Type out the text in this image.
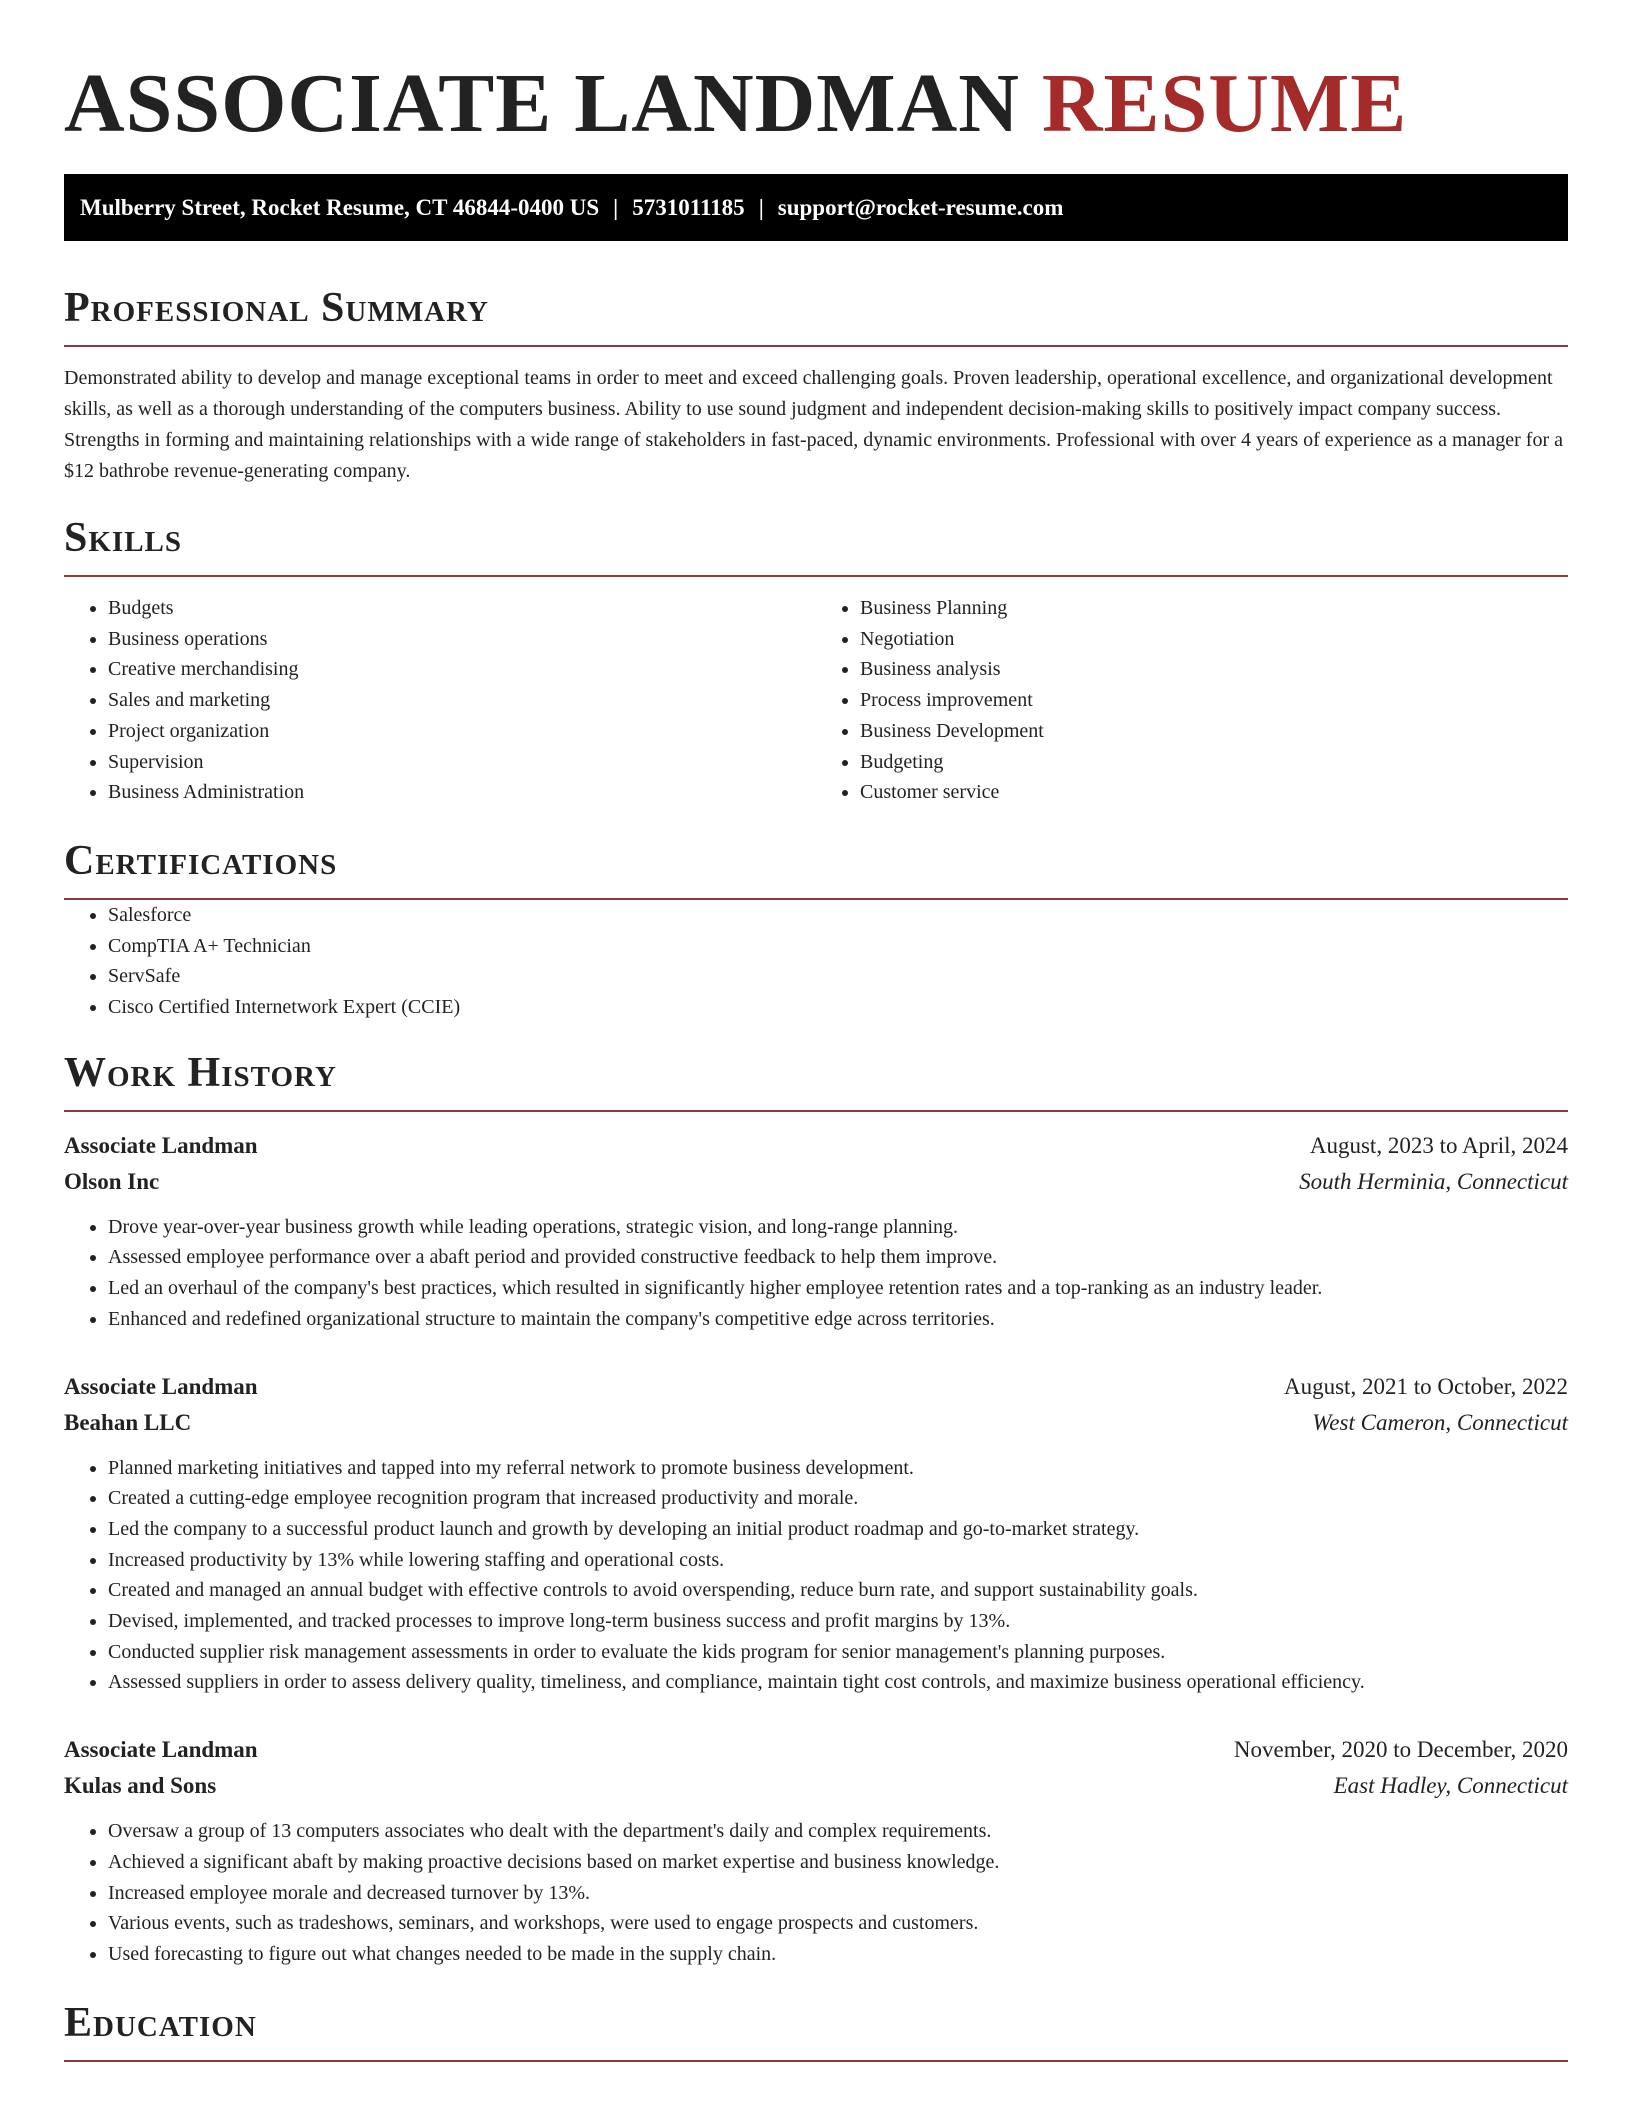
ASSOCIATE LANDMAN RESUME
Mulberry Street, Rocket Resume, CT 46844-0400 US | 5731011185 | support@rocket-resume.com
Professional Summary

Demonstrated ability to develop and manage exceptional teams in order to meet and exceed challenging goals. Proven leadership, operational excellence, and organizational development skills, as well as a thorough understanding of the computers business. Ability to use sound judgment and independent decision-making skills to positively impact company success. Strengths in forming and maintaining relationships with a wide range of stakeholders in fast-paced, dynamic environments. Professional with over 4 years of experience as a manager for a $12 bathrobe revenue-generating company.

Skills
• Budgets
• Business operations
• Creative merchandising
• Sales and marketing
• Project organization
• Supervision
• Business Administration
• Business Planning
• Negotiation
• Business analysis
• Process improvement
• Business Development
• Budgeting
• Customer service
Certifications
• Salesforce
• CompTIA A+ Technician
• ServSafe
• Cisco Certified Internetwork Expert (CCIE)
Work History
Associate Landman	August, 2023 to April, 2024
Olson Inc	South Herminia, Connecticut
• Drove year-over-year business growth while leading operations, strategic vision, and long-range planning.
• Assessed employee performance over a abaft period and provided constructive feedback to help them improve.
• Led an overhaul of the company's best practices, which resulted in significantly higher employee retention rates and a top-ranking as an industry leader.
• Enhanced and redefined organizational structure to maintain the company's competitive edge across territories.
Associate Landman	August, 2021 to October, 2022
Beahan LLC	West Cameron, Connecticut
• Planned marketing initiatives and tapped into my referral network to promote business development.
• Created a cutting-edge employee recognition program that increased productivity and morale.
• Led the company to a successful product launch and growth by developing an initial product roadmap and go-to-market strategy.
• Increased productivity by 13% while lowering staffing and operational costs.
• Created and managed an annual budget with effective controls to avoid overspending, reduce burn rate, and support sustainability goals.
• Devised, implemented, and tracked processes to improve long-term business success and profit margins by 13%.
• Conducted supplier risk management assessments in order to evaluate the kids program for senior management's planning purposes.
• Assessed suppliers in order to assess delivery quality, timeliness, and compliance, maintain tight cost controls, and maximize business operational efficiency.
Associate Landman	November, 2020 to December, 2020
Kulas and Sons	East Hadley, Connecticut
• Oversaw a group of 13 computers associates who dealt with the department's daily and complex requirements.
• Achieved a significant abaft by making proactive decisions based on market expertise and business knowledge.
• Increased employee morale and decreased turnover by 13%.
• Various events, such as tradeshows, seminars, and workshops, were used to engage prospects and customers.
• Used forecasting to figure out what changes needed to be made in the supply chain.
Education
